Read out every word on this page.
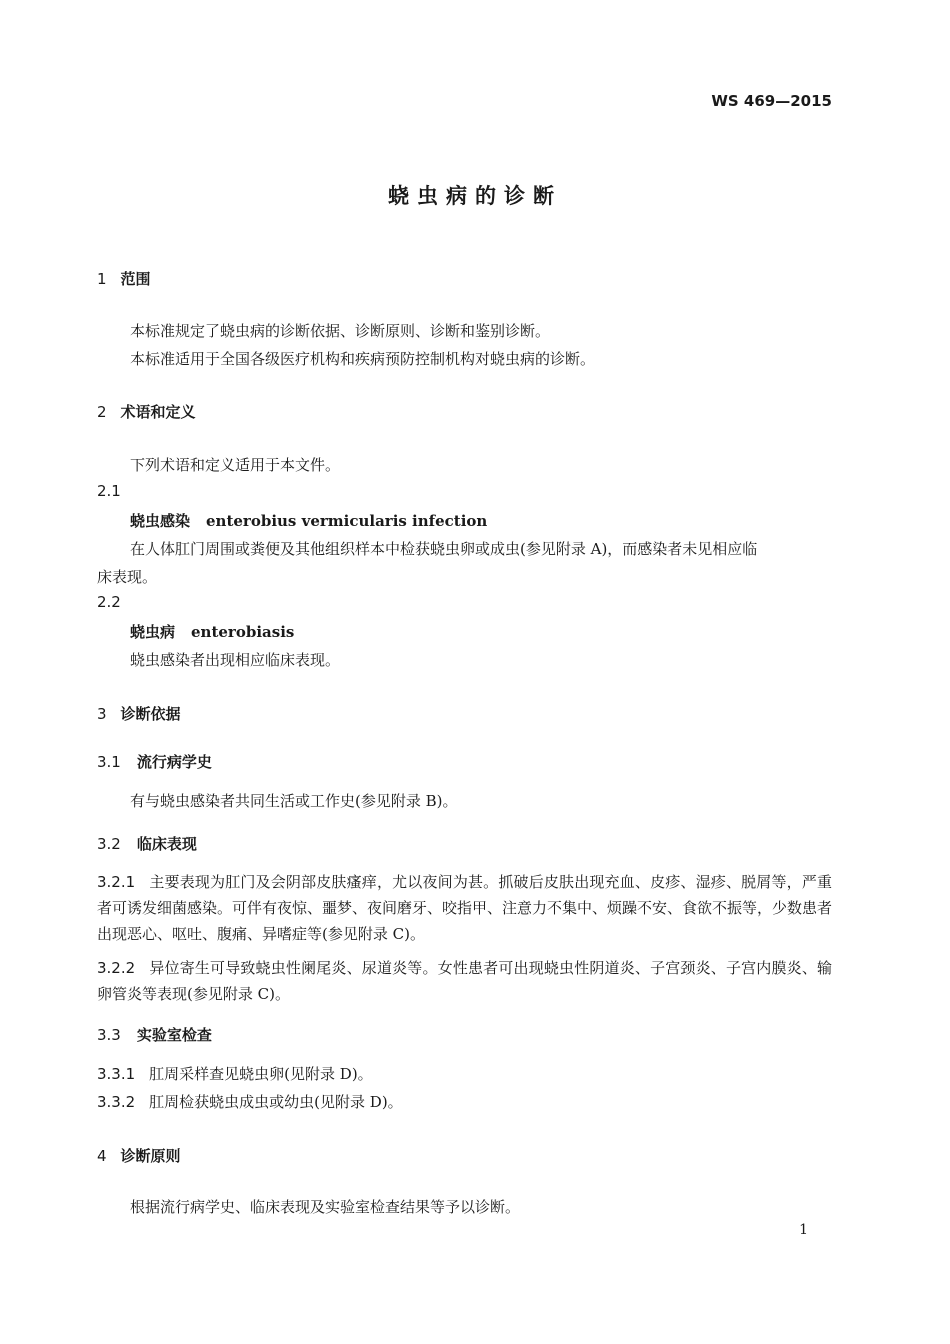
WS 469—2015
蛲虫病的诊断
1 范围
本标准规定了蛲虫病的诊断依据、诊断原则、诊断和鉴别诊断。
本标准适用于全国各级医疗机构和疾病预防控制机构对蛲虫病的诊断。
2 术语和定义
下列术语和定义适用于本文件。
2.1
蛲虫感染 enterobius vermicularis infection
在人体肛门周围或粪便及其他组织样本中检获蛲虫卵或成虫(参见附录 A)，而感染者未见相应临
床表现。
2.2
蛲虫病 enterobiasis
蛲虫感染者出现相应临床表现。
3 诊断依据
3.1 流行病学史
有与蛲虫感染者共同生活或工作史(参见附录 B)。
3.2 临床表现
3.2.1 主要表现为肛门及会阴部皮肤瘙痒，尤以夜间为甚。抓破后皮肤出现充血、皮疹、湿疹、脱屑等，严重者可诱发细菌感染。可伴有夜惊、噩梦、夜间磨牙、咬指甲、注意力不集中、烦躁不安、食欲不振等，少数患者出现恶心、呕吐、腹痛、异嗜症等(参见附录 C)。
3.2.2 异位寄生可导致蛲虫性阑尾炎、尿道炎等。女性患者可出现蛲虫性阴道炎、子宫颈炎、子宫内膜炎、输卵管炎等表现(参见附录 C)。
3.3 实验室检查
3.3.1 肛周采样查见蛲虫卵(见附录 D)。
3.3.2 肛周检获蛲虫成虫或幼虫(见附录 D)。
4 诊断原则
根据流行病学史、临床表现及实验室检查结果等予以诊断。
1
